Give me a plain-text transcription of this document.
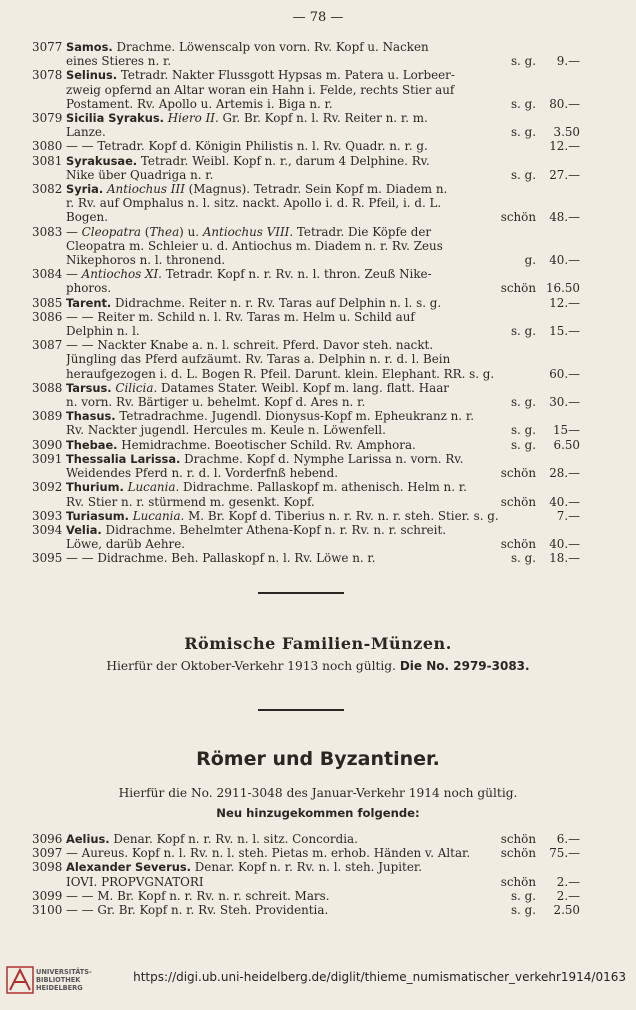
— 78 —
3077 Samos. Drachme. Löwenscalp von vorn. Rv. Kopf u. Nacken
eines Stieres n. r.	s. g.	9.—
3078 Selinus. Tetradr. Nakter Flussgott Hypsas m. Patera u. Lorbeer-
zweig opfernd an Altar woran ein Hahn i. Felde, rechts Stier auf
Postament. Rv. Apollo u. Artemis i. Biga n. r.	s. g.	80.—
3079 Sicilia Syrakus. Hiero II. Gr. Br. Kopf n. l. Rv. Reiter n. r. m.
Lanze.	s. g.	3.50
3080 — — Tetradr. Kopf d. Königin Philistis n. l. Rv. Quadr. n. r. g.	12.—
3081 Syrakusae. Tetradr. Weibl. Kopf n. r., darum 4 Delphine. Rv.
Nike über Quadriga n. r.	s. g.	27.—
3082 Syria. Antiochus III (Magnus). Tetradr. Sein Kopf m. Diadem n.
r. Rv. auf Omphalus n. l. sitz. nackt. Apollo i. d. R. Pfeil, i. d. L.
Bogen.	schön	48.—
3083 — Cleopatra (Thea) u. Antiochus VIII. Tetradr. Die Köpfe der
Cleopatra m. Schleier u. d. Antiochus m. Diadem n. r. Rv. Zeus
Nikephoros n. l. thronend.	g.	40.—
3084 — Antiochos XI. Tetradr. Kopf n. r. Rv. n. l. thron. Zeuß Nike-
phoros.	schön 16.50
3085 Tarent. Didrachme. Reiter n. r. Rv. Taras auf Delphin n. l. s. g.	12.—
3086 — — Reiter m. Schild n. l. Rv. Taras m. Helm u. Schild auf
Delphin n. l.	s. g.	15.—
3087 — — Nackter Knabe a. n. l. schreit. Pferd. Davor steh. nackt.
Jüngling das Pferd aufzäumt. Rv. Taras a. Delphin n. r. d. l. Bein
heraufgezogen i. d. L. Bogen R. Pfeil. Darunt. klein. Elephant. RR. s. g.	60.—
3088 Tarsus. Cilicia. Datames Stater. Weibl. Kopf m. lang. flatt. Haar
n. vorn. Rv. Bärtiger u. behelmt. Kopf d. Ares n. r.	s. g.	30.—
3089 Thasus. Tetradrachme. Jugendl. Dionysus-Kopf m. Epheukranz n. r.
Rv. Nackter jugendl. Hercules m. Keule n. Löwenfell.	s. g.	15—
3090 Thebae. Hemidrachme. Boeotischer Schild. Rv. Amphora.	s. g.	6.50
3091 Thessalia Larissa. Drachme. Kopf d. Nymphe Larissa n. vorn. Rv.
Weidendes Pferd n. r. d. l. Vorderfnß hebend.	schön	28.—
3092 Thurium. Lucania. Didrachme. Pallaskopf m. athenisch. Helm n. r.
Rv. Stier n. r. stürmend m. gesenkt. Kopf.	schön	40.—
3093 Turiasum. Lucania. M. Br. Kopf d. Tiberius n. r. Rv. n. r. steh. Stier. s. g.	7.—
3094 Velia. Didrachme. Behelmter Athena-Kopf n. r. Rv. n. r. schreit.
Löwe, darüb Aehre.	schön	40.—
3095 — — Didrachme. Beh. Pallaskopf n. l. Rv. Löwe n. r.	s. g.	18.—
Römische Familien-Münzen.
Hierfür der Oktober-Verkehr 1913 noch gültig. Die No. 2979-3083.
Römer und Byzantiner.
Hierfür die No. 2911-3048 des Januar-Verkehr 1914 noch gültig.
Neu hinzugekommen folgende:
3096 Aelius. Denar. Kopf n. r. Rv. n. l. sitz. Concordia.	schön	6.—
3097 — Aureus. Kopf n. l. Rv. n. l. steh. Pietas m. erhob. Händen v. Altar.	schön	75.—
3098 Alexander Severus. Denar. Kopf n. r. Rv. n. l. steh. Jupiter.
IOVI. PROPVGNATORI	schön	2.—
3099 — — M. Br. Kopf n. r. Rv. n. r. schreit. Mars.	s. g.	2.—
3100 — — Gr. Br. Kopf n. r. Rv. Steh. Providentia.	s. g.	2.50
UNIVERSITÄTS-
BIBLIOTHEK
HEIDELBERG
https://digi.ub.uni-heidelberg.de/diglit/thieme_numismatischer_verkehr1914/0163
